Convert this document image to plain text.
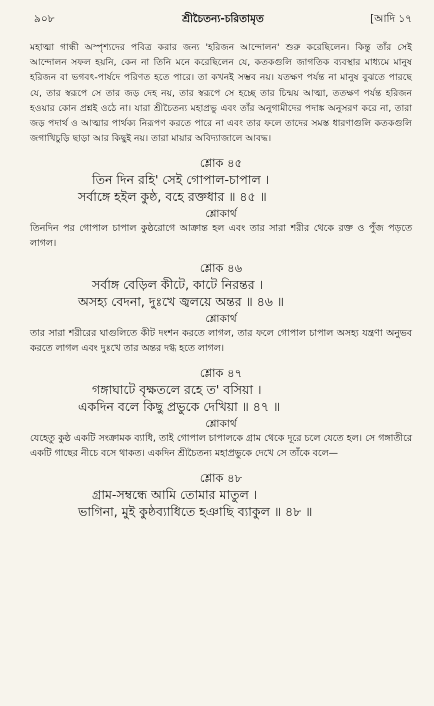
৯০৮	শ্রীচৈতন্য-চরিতামৃত	[আদি ১৭

মহাত্মা গান্ধী অস্পৃশ্যদের পবিত্র করার জন্য 'হরিজন আন্দোলন' শুরু করেছিলেন। কিন্তু তাঁর সেই আন্দোলন সফল হয়নি, কেন না তিনি মনে করেছিলেন যে, কতকগুলি জাগতিক ব্যবস্থার মাধ্যমে মানুষ হরিজন বা ভগবৎ-পার্ষদে পরিণত হতে পারে। তা কখনই সম্ভব নয়। যতক্ষণ পর্যন্ত না মানুষ বুঝতে পারছে যে, তার স্বরূপে সে তার জড় দেহ নয়, তার স্বরূপে সে হচ্ছে তার চিন্ময় আত্মা, ততক্ষণ পর্যন্ত হরিজন হওয়ার কোন প্রশ্নই ওঠে না। যারা শ্রীচৈতন্য মহাপ্রভু এবং তাঁর অনুগামীদের পদাঙ্ক অনুসরণ করে না, তারা জড় পদার্থ ও আত্মার পার্থক্য নিরূপণ করতে পারে না এবং তার ফলে তাদের সমস্ত ধারণাগুলি কতকগুলি জগাখিচুড়ি ছাড়া আর কিছুই নয়। তারা মায়ার অবিদ্যাজালে আবদ্ধ।

শ্লোক ৪৫
তিন দিন রহি' সেই গোপাল-চাপাল ।
সর্বাঙ্গে হইল কুষ্ঠ, বহে রক্তধার ॥ ৪৫ ॥
শ্লোকার্থ

তিনদিন পর গোপাল চাপাল কুষ্ঠরোগে আক্রান্ত হল এবং তার সারা শরীর থেকে রক্ত ও পুঁজ পড়তে লাগল।

শ্লোক ৪৬
সর্বাঙ্গ বেড়িল কীটে, কাটে নিরন্তর ।
অসহ্য বেদনা, দুঃখে জ্বলয়ে অন্তর ॥ ৪৬ ॥
শ্লোকার্থ

তার সারা শরীরের ঘাগুলিতে কীট দংশন করতে লাগল, তার ফলে গোপাল চাপাল অসহ্য যন্ত্রণা অনুভব করতে লাগল এবং দুঃখে তার অন্তর দগ্ধ হতে লাগল।

শ্লোক ৪৭
গঙ্গাঘাটে বৃক্ষতলে রহে ত' বসিয়া ।
একদিন বলে কিছু প্রভুকে দেখিয়া ॥ ৪৭ ॥
শ্লোকার্থ

যেহেতু কুষ্ঠ একটি সংক্রামক ব্যাধি, তাই গোপাল চাপালকে গ্রাম থেকে দূরে চলে যেতে হল। সে গঙ্গাতীরে একটি গাছের নীচে বসে থাকত। একদিন শ্রীচৈতন্য মহাপ্রভুকে দেখে সে তাঁকে বলে—

শ্লোক ৪৮
গ্রাম-সম্বন্ধে আমি তোমার মাতুল ।
ভাগিনা, মুই কুষ্ঠব্যাধিতে হঞাছি ব্যাকুল ॥ ৪৮ ॥
